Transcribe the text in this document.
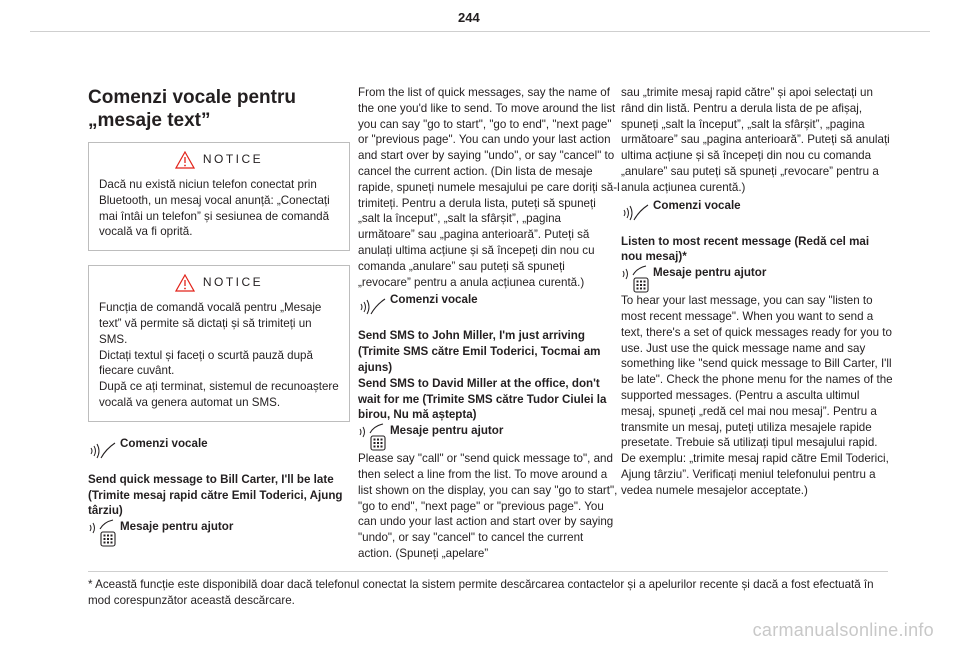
244
Comenzi vocale pentru „mesaje text”
NOTICE

Dacă nu există niciun telefon conectat prin Bluetooth, un mesaj vocal anunță: „Conectați mai întâi un telefon” și sesiunea de comandă vocală va fi oprită.

NOTICE

Funcția de comandă vocală pentru „Mesaje text” vă permite să dictați și să trimiteți un SMS.

Dictați textul și faceți o scurtă pauză după fiecare cuvânt.

După ce ați terminat, sistemul de recunoaștere vocală va genera automat un SMS.

Comenzi vocale

Send quick message to Bill Carter, I'll be late (Trimite mesaj rapid către Emil Toderici, Ajung târziu)

Mesaje pentru ajutor

From the list of quick messages, say the name of the one you'd like to send. To move around the list you can say "go to start", "go to end", "next page" or "previous page". You can undo your last action and start over by saying "undo", or say "cancel" to cancel the current action. (Din lista de mesaje rapide, spuneți numele mesajului pe care doriți să-l trimiteți. Pentru a derula lista, puteți să spuneți „salt la început”, „salt la sfârșit”, „pagina următoare” sau „pagina anterioară”. Puteți să anulați ultima acțiune și să începeți din nou cu comanda „anulare” sau puteți să spuneți „revocare” pentru a anula acțiunea curentă.)

Comenzi vocale

Send SMS to John Miller, I'm just arriving (Trimite SMS către Emil Toderici, Tocmai am ajuns)

Send SMS to David Miller at the office, don't wait for me (Trimite SMS către Tudor Ciulei la birou, Nu mă aștepta)

Mesaje pentru ajutor

Please say "call" or "send quick message to", and then select a line from the list. To move around a list shown on the display, you can say "go to start", "go to end", "next page" or "previous page". You can undo your last action and start over by saying "undo", or say "cancel" to cancel the current action. (Spuneți „apelare”

sau „trimite mesaj rapid către” și apoi selectați un rând din listă. Pentru a derula lista de pe afișaj, spuneți „salt la început”, „salt la sfârșit”, „pagina următoare” sau „pagina anterioară”. Puteți să anulați ultima acțiune și să începeți din nou cu comanda „anulare” sau puteți să spuneți „revocare” pentru a anula acțiunea curentă.)

Comenzi vocale

Listen to most recent message (Redă cel mai nou mesaj)*

Mesaje pentru ajutor

To hear your last message, you can say "listen to most recent message". When you want to send a text, there's a set of quick messages ready for you to use. Just use the quick message name and say something like "send quick message to Bill Carter, I'll be late". Check the phone menu for the names of the supported messages. (Pentru a asculta ultimul mesaj, spuneți „redă cel mai nou mesaj”. Pentru a transmite un mesaj, puteți utiliza mesajele rapide presetate. Trebuie să utilizați tipul mesajului rapid. De exemplu: „trimite mesaj rapid către Emil Toderici, Ajung târziu”. Verificați meniul telefonului pentru a vedea numele mesajelor acceptate.)

* Această funcție este disponibilă doar dacă telefonul conectat la sistem permite descărcarea contactelor și a apelurilor recente și dacă a fost efectuată în mod corespunzător această descărcare.
carmanualsonline.info
